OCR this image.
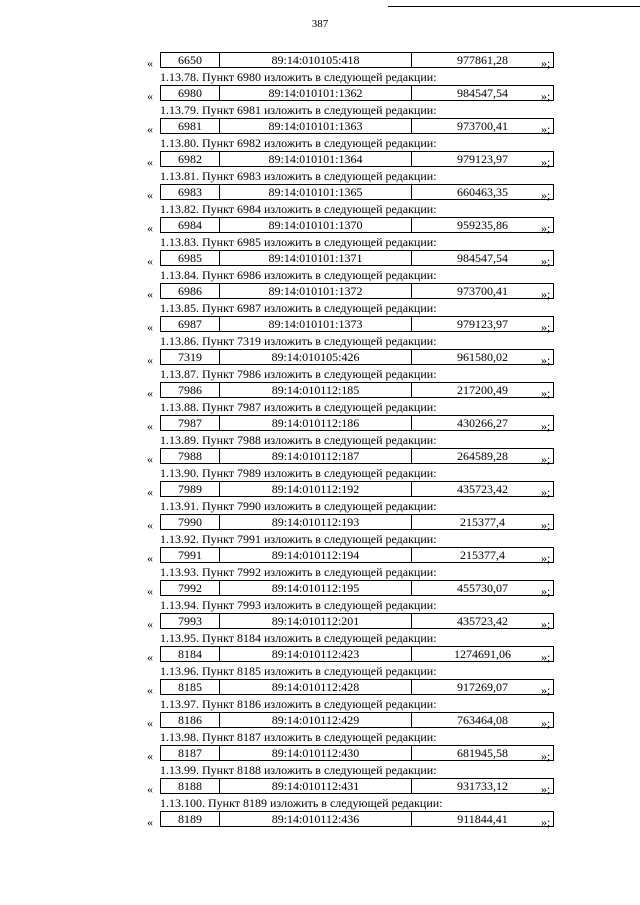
387
«	6650	89:14:010105:418	977861,28	»;
1.13.78. Пункт 6980 изложить в следующей редакции:
«	6980	89:14:010101:1362	984547,54	»;
1.13.79. Пункт 6981 изложить в следующей редакции:
«	6981	89:14:010101:1363	973700,41	»;
1.13.80. Пункт 6982 изложить в следующей редакции:
«	6982	89:14:010101:1364	979123,97	»;
1.13.81. Пункт 6983 изложить в следующей редакции:
«	6983	89:14:010101:1365	660463,35	»;
1.13.82. Пункт 6984 изложить в следующей редакции:
«	6984	89:14:010101:1370	959235,86	»;
1.13.83. Пункт 6985 изложить в следующей редакции:
«	6985	89:14:010101:1371	984547,54	»;
1.13.84. Пункт 6986 изложить в следующей редакции:
«	6986	89:14:010101:1372	973700,41	»;
1.13.85. Пункт 6987 изложить в следующей редакции:
«	6987	89:14:010101:1373	979123,97	»;
1.13.86. Пункт 7319 изложить в следующей редакции:
«	7319	89:14:010105:426	961580,02	»;
1.13.87. Пункт 7986 изложить в следующей редакции:
«	7986	89:14:010112:185	217200,49	»;
1.13.88. Пункт 7987 изложить в следующей редакции:
«	7987	89:14:010112:186	430266,27	»;
1.13.89. Пункт 7988 изложить в следующей редакции:
«	7988	89:14:010112:187	264589,28	»;
1.13.90. Пункт 7989 изложить в следующей редакции:
«	7989	89:14:010112:192	435723,42	»;
1.13.91. Пункт 7990 изложить в следующей редакции:
«	7990	89:14:010112:193	215377,4	»;
1.13.92. Пункт 7991 изложить в следующей редакции:
«	7991	89:14:010112:194	215377,4	»;
1.13.93. Пункт 7992 изложить в следующей редакции:
«	7992	89:14:010112:195	455730,07	»;
1.13.94. Пункт 7993 изложить в следующей редакции:
«	7993	89:14:010112:201	435723,42	»;
1.13.95. Пункт 8184 изложить в следующей редакции:
«	8184	89:14:010112:423	1274691,06	»;
1.13.96. Пункт 8185 изложить в следующей редакции:
«	8185	89:14:010112:428	917269,07	»;
1.13.97. Пункт 8186 изложить в следующей редакции:
«	8186	89:14:010112:429	763464,08	»;
1.13.98. Пункт 8187 изложить в следующей редакции:
«	8187	89:14:010112:430	681945,58	»;
1.13.99. Пункт 8188 изложить в следующей редакции:
«	8188	89:14:010112:431	931733,12	»;
1.13.100. Пункт 8189 изложить в следующей редакции:
«	8189	89:14:010112:436	911844,41	»;
